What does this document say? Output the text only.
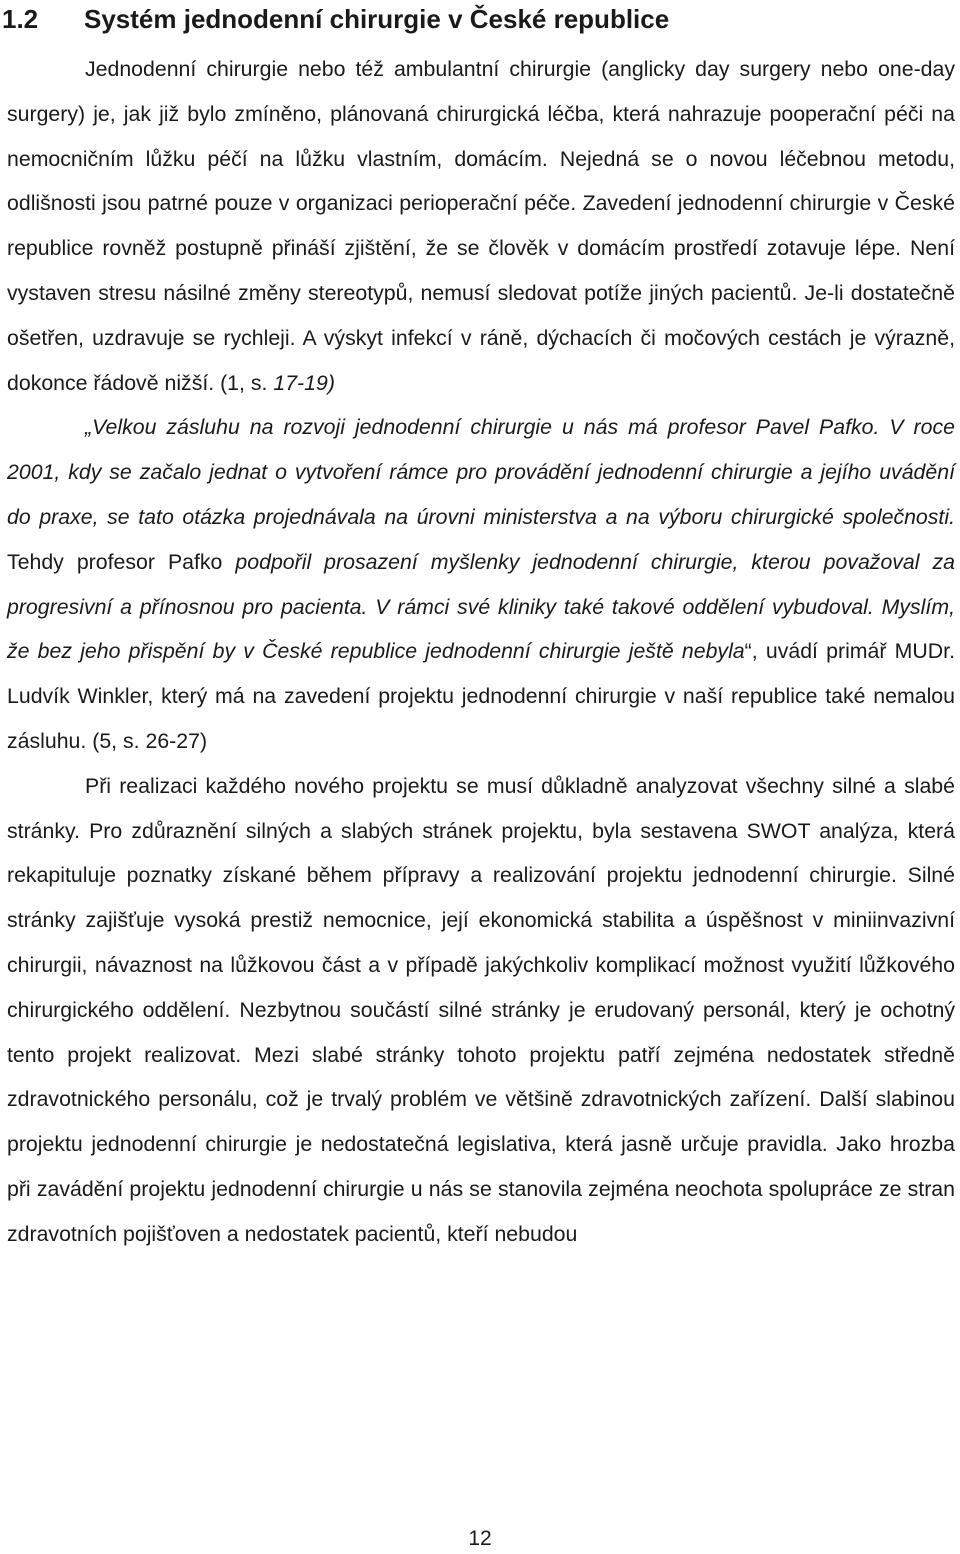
1.2 Systém jednodenní chirurgie v České republice

Jednodenní chirurgie nebo též ambulantní chirurgie (anglicky day surgery nebo one-day surgery) je, jak již bylo zmíněno, plánovaná chirurgická léčba, která nahrazuje pooperační péči na nemocničním lůžku péčí na lůžku vlastním, domácím. Nejedná se o novou léčebnou metodu, odlišnosti jsou patrné pouze v organizaci perioperační péče. Zavedení jednodenní chirurgie v České republice rovněž postupně přináší zjištění, že se člověk v domácím prostředí zotavuje lépe. Není vystaven stresu násilné změny stereotypů, nemusí sledovat potíže jiných pacientů. Je-li dostatečně ošetřen, uzdravuje se rychleji. A výskyt infekcí v ráně, dýchacích či močových cestách je výrazně, dokonce řádově nižší. (1, s. 17-19)

„Velkou zásluhu na rozvoji jednodenní chirurgie u nás má profesor Pavel Pafko. V roce 2001, kdy se začalo jednat o vytvoření rámce pro provádění jednodenní chirurgie a jejího uvádění do praxe, se tato otázka projednávala na úrovni ministerstva a na výboru chirurgické společnosti. Tehdy profesor Pafko podpořil prosazení myšlenky jednodenní chirurgie, kterou považoval za progresivní a přínosnou pro pacienta. V rámci své kliniky také takové oddělení vybudoval. Myslím, že bez jeho přispění by v České republice jednodenní chirurgie ještě nebyla“, uvádí primář MUDr. Ludvík Winkler, který má na zavedení projektu jednodenní chirurgie v naší republice také nemalou zásluhu. (5, s. 26-27)

Při realizaci každého nového projektu se musí důkladně analyzovat všechny silné a slabé stránky. Pro zdůraznění silných a slabých stránek projektu, byla sestavena SWOT analýza, která rekapituluje poznatky získané během přípravy a realizování projektu jednodenní chirurgie. Silné stránky zajišťuje vysoká prestiž nemocnice, její ekonomická stabilita a úspěšnost v miniinvazivní chirurgii, návaznost na lůžkovou část a v případě jakýchkoliv komplikací možnost využití lůžkového chirurgického oddělení. Nezbytnou součástí silné stránky je erudovaný personál, který je ochotný tento projekt realizovat. Mezi slabé stránky tohoto projektu patří zejména nedostatek středně zdravotnického personálu, což je trvalý problém ve většině zdravotnických zařízení. Další slabinou projektu jednodenní chirurgie je nedostatečná legislativa, která jasně určuje pravidla. Jako hrozba při zavádění projektu jednodenní chirurgie u nás se stanovila zejména neochota spolupráce ze stran zdravotních pojišťoven a nedostatek pacientů, kteří nebudou

12
